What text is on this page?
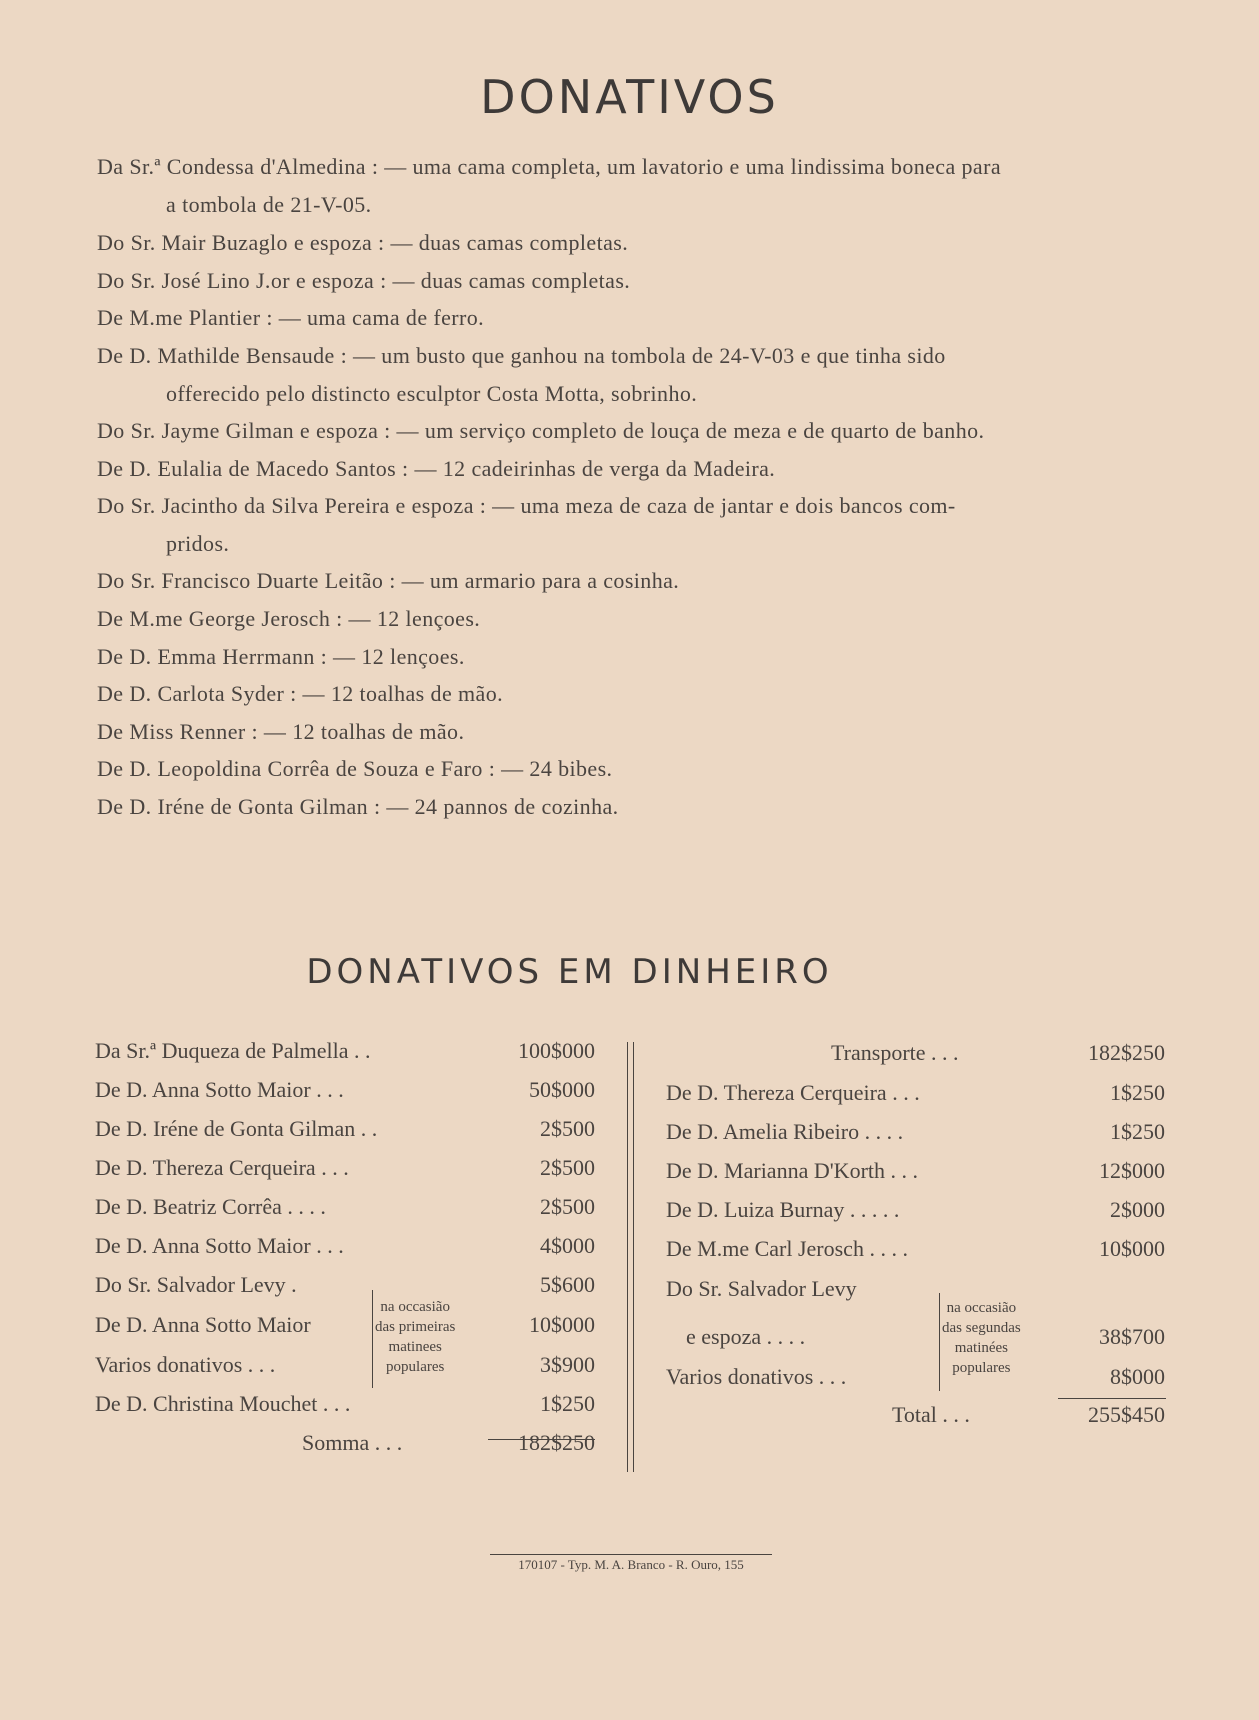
DONATIVOS
Da Sr.ª Condessa d'Almedina : — uma cama completa, um lavatorio e uma lindissima boneca para
a tombola de 21-V-05.
Do Sr. Mair Buzaglo e espoza : — duas camas completas.
Do Sr. José Lino J.or e espoza : — duas camas completas.
De M.me Plantier : — uma cama de ferro.
De D. Mathilde Bensaude : — um busto que ganhou na tombola de 24-V-03 e que tinha sido
offerecido pelo distincto esculptor Costa Motta, sobrinho.
Do Sr. Jayme Gilman e espoza : — um serviço completo de louça de meza e de quarto de banho.
De D. Eulalia de Macedo Santos : — 12 cadeirinhas de verga da Madeira.
Do Sr. Jacintho da Silva Pereira e espoza : — uma meza de caza de jantar e dois bancos com-
pridos.
Do Sr. Francisco Duarte Leitão : — um armario para a cosinha.
De M.me George Jerosch : — 12 lençoes.
De D. Emma Herrmann : — 12 lençoes.
De D. Carlota Syder : — 12 toalhas de mão.
De Miss Renner : — 12 toalhas de mão.
De D. Leopoldina Corrêa de Souza e Faro : — 24 bibes.
De D. Iréne de Gonta Gilman : — 24 pannos de cozinha.
DONATIVOS EM DINHEIRO
Da Sr.ª Duqueza de Palmella . .	100$000
De D. Anna Sotto Maior . . .	50$000
De D. Iréne de Gonta Gilman . .	2$500
De D. Thereza Cerqueira . . .	2$500
De D. Beatriz Corrêa . . . .	2$500
De D. Anna Sotto Maior . . .	4$000
Do Sr. Salvador Levy .	5$600
De D. Anna Sotto Maior	10$000
Varios donativos . . .	3$900
De D. Christina Mouchet . . .	1$250
Somma . . .	182$250
na occasião
das primeiras
matinees
populares
Transporte . . .	182$250
De D. Thereza Cerqueira . . .	1$250
De D. Amelia Ribeiro . . . .	1$250
De D. Marianna D'Korth . . .	12$000
De D. Luiza Burnay . . . . .	2$000
De M.me Carl Jerosch . . . .	10$000
Do Sr. Salvador Levy
e espoza . . . .	38$700
Varios donativos . . .	8$000
Total . . .	255$450
na occasião
das segundas
matinées
populares
170107 - Typ. M. A. Branco - R. Ouro, 155
